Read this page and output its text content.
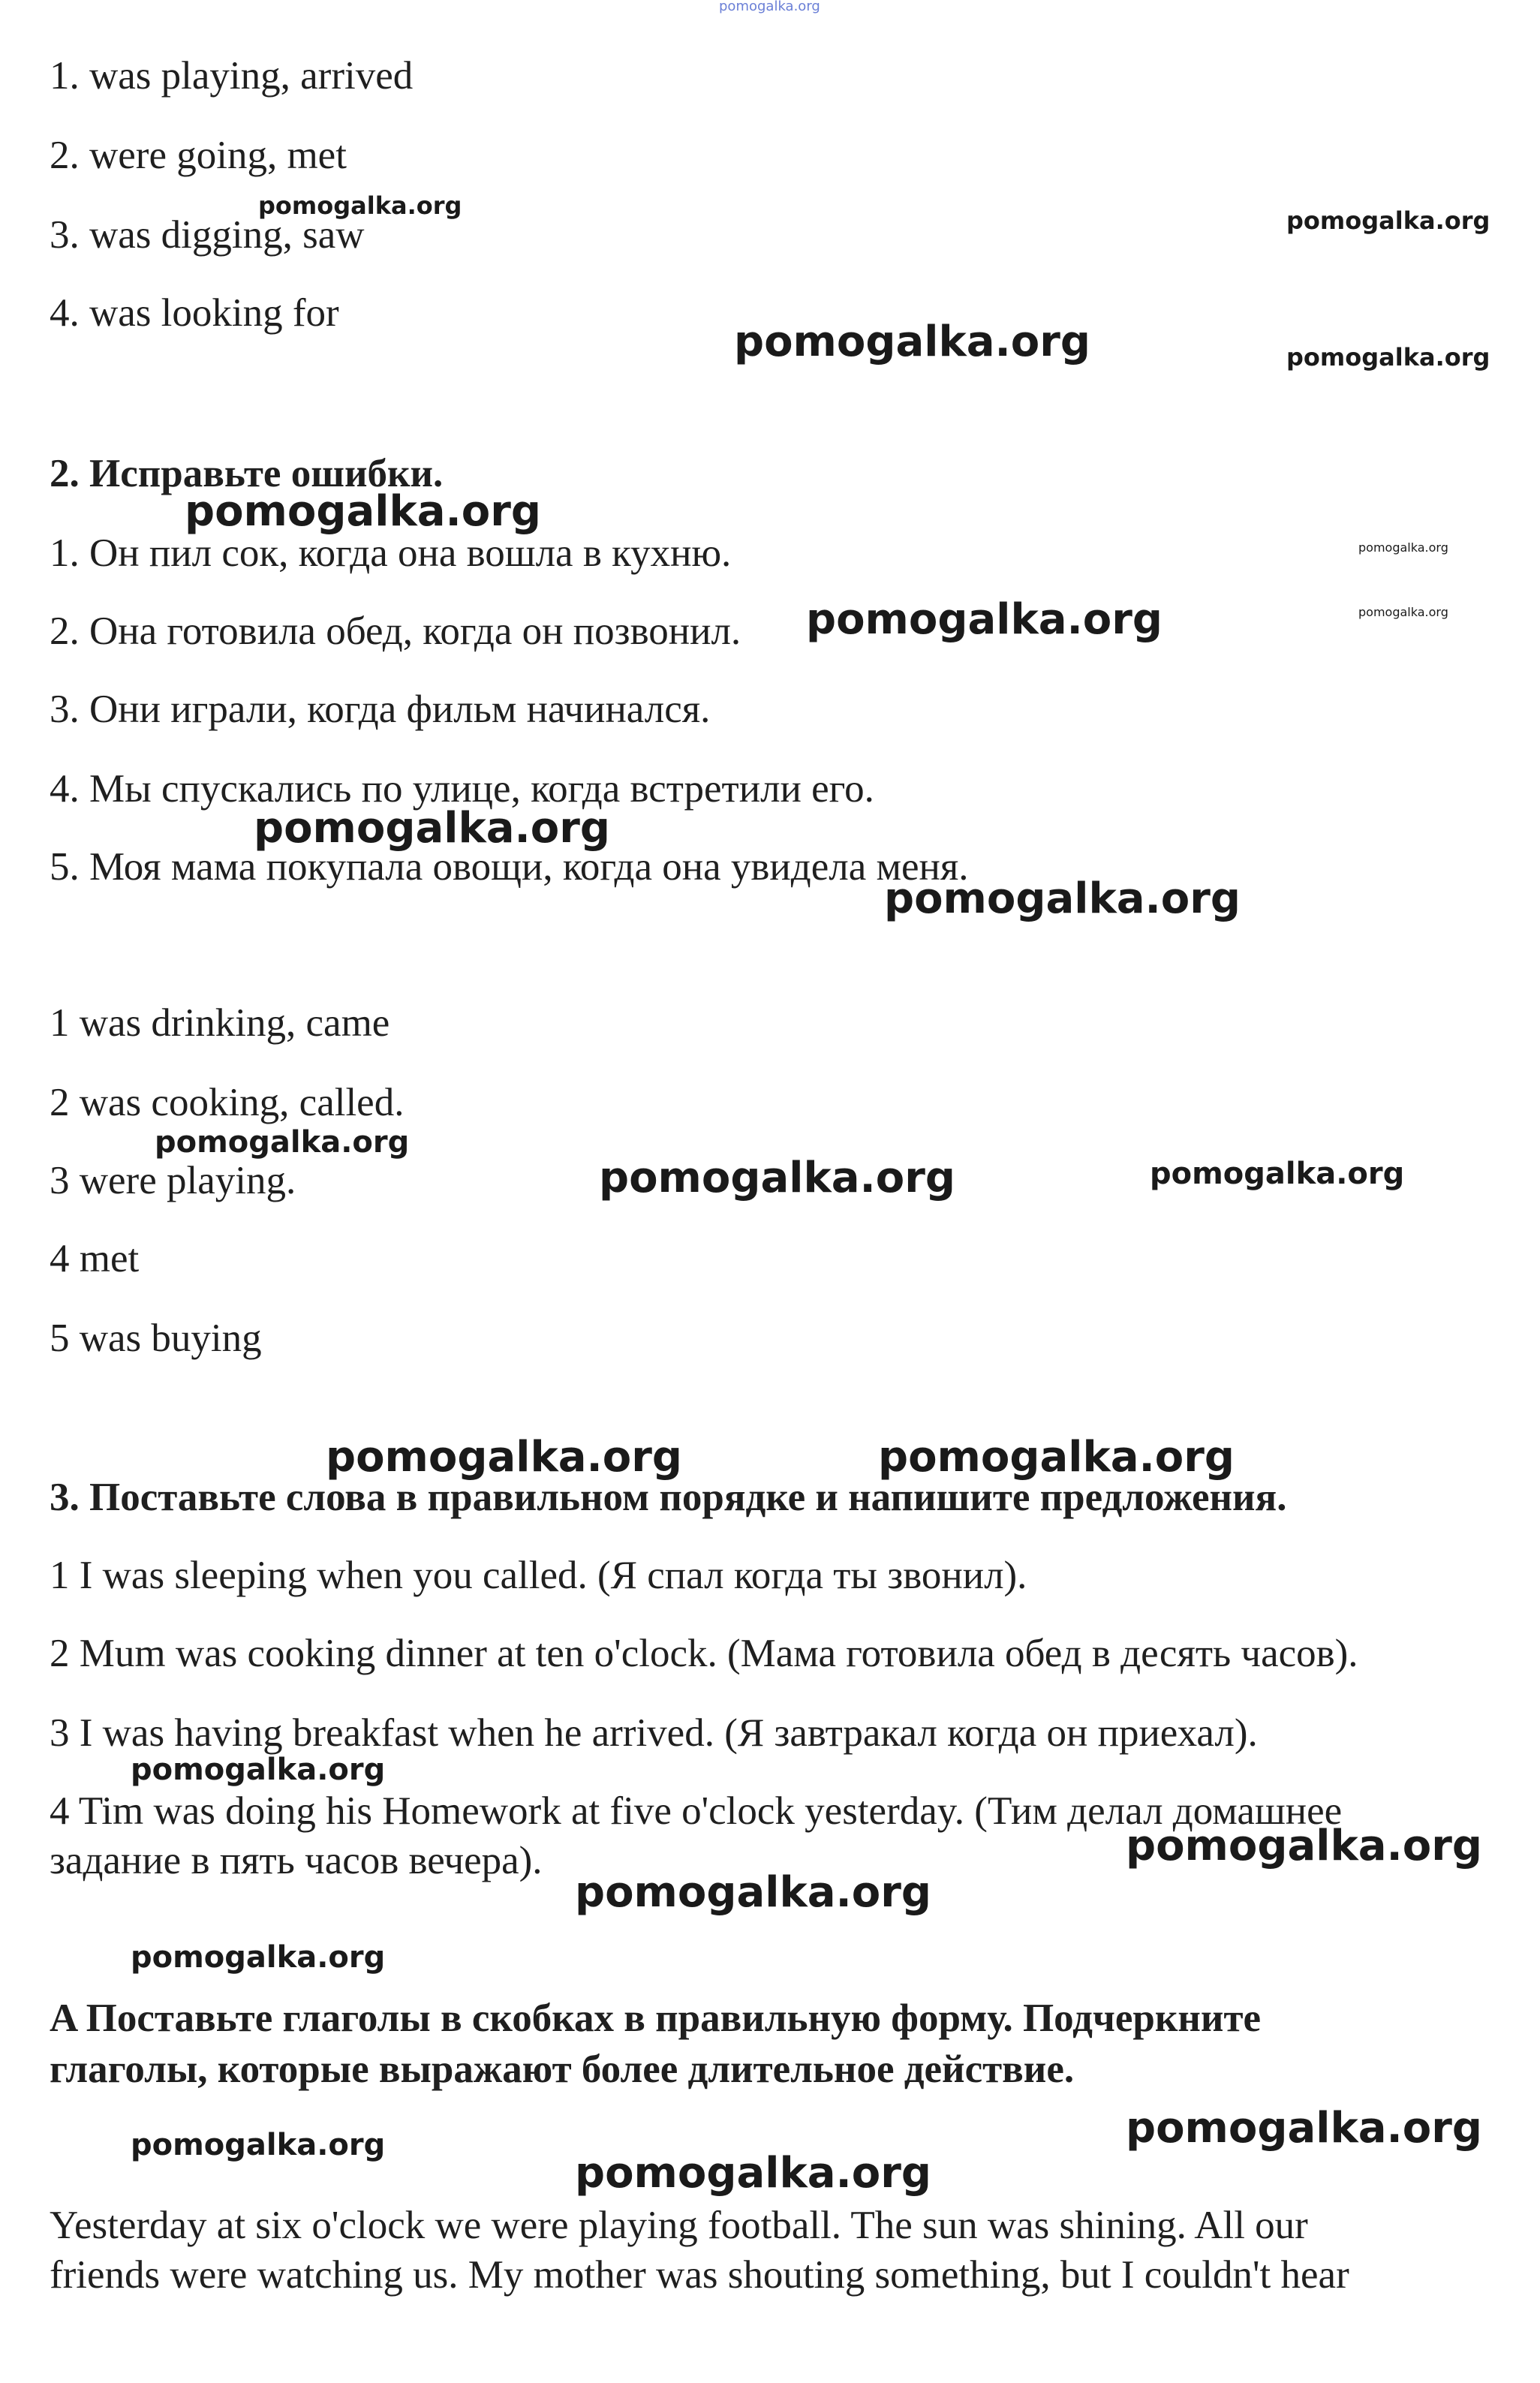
pomogalka.org
pomogalka.org
pomogalka.org
pomogalka.org	pomogalka.org
pomogalka.org
pomogalka.org
pomogalka.org	pomogalka.org
pomogalka.org
pomogalka.org
pomogalka.org
pomogalka.org	pomogalka.org
pomogalka.org	pomogalka.org
pomogalka.org
pomogalka.org
pomogalka.org
pomogalka.org
pomogalka.org
pomogalka.org
pomogalka.org
1. was playing, arrived
2. were going, met
3. was digging, saw
4. was looking for
2. Исправьте ошибки.
1. Он пил сок, когда она вошла в кухню.
2. Она готовила обед, когда он позвонил.
3. Они играли, когда фильм начинался.
4. Мы спускались по улице, когда встретили его.
5. Моя мама покупала овощи, когда она увидела меня.
1 was drinking, came
2 was cooking, called.
3 were playing.
4 met
5 was buying
3. Поставьте слова в правильном порядке и напишите предложения.
1 I was sleeping when you called. (Я спал когда ты звонил).
2 Mum was cooking dinner at ten o'clock. (Мама готовила обед в десять часов).
3 I was having breakfast when he arrived. (Я завтракал когда он приехал).
4 Tim was doing his Homework at five o'clock yesterday. (Тим делал домашнее
задание в пять часов вечера).
A Поставьте глаголы в скобках в правильную форму. Подчеркните
глаголы, которые выражают более длительное действие.
Yesterday at six o'clock we were playing football. The sun was shining. All our
friends were watching us. My mother was shouting something, but I couldn't hear
